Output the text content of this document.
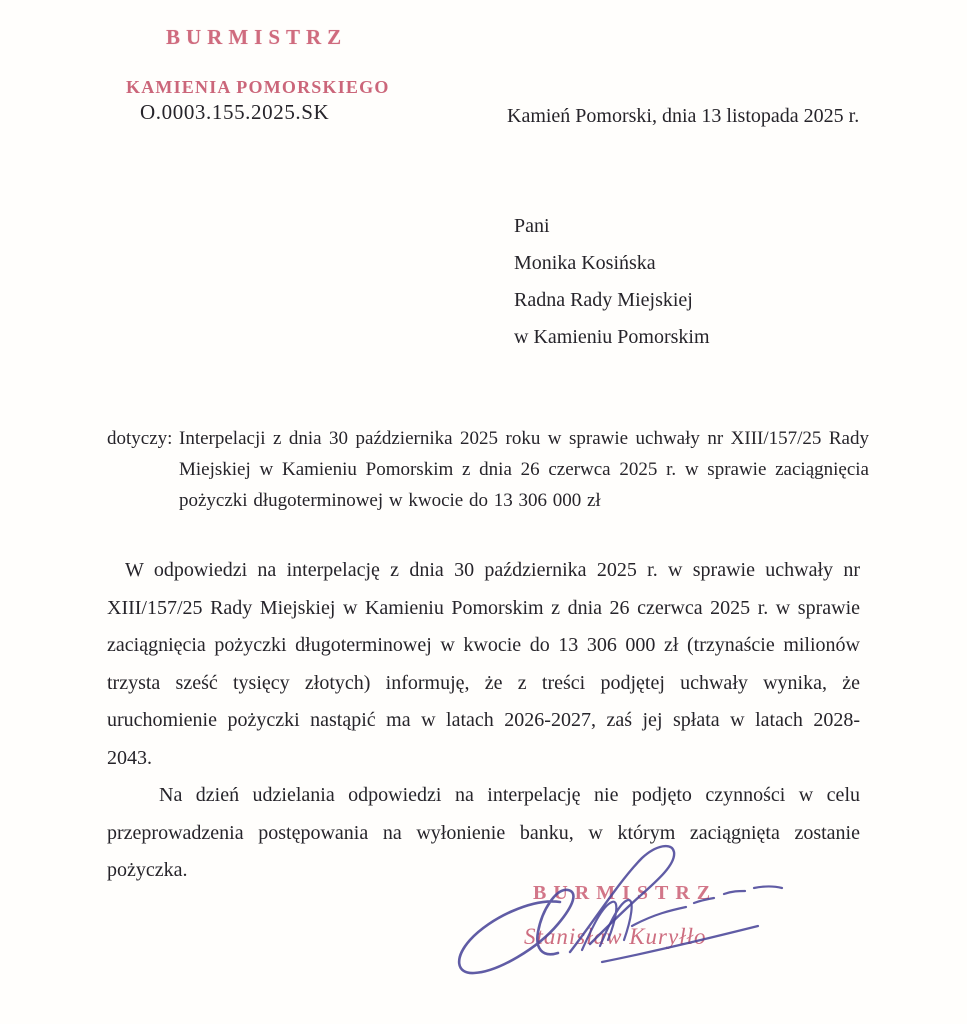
BURMISTRZ
KAMIENIA POMORSKIEGO
O.0003.155.2025.SK	Kamień Pomorski, dnia 13 listopada 2025 r.
Pani
Monika Kosińska
Radna Rady Miejskiej
w Kamieniu Pomorskim
dotyczy: Interpelacji z dnia 30 października 2025 roku w sprawie uchwały nr XIII/157/25 Rady Miejskiej w Kamieniu Pomorskim z dnia 26 czerwca 2025 r. w sprawie zaciągnięcia pożyczki długoterminowej w kwocie do 13 306 000 zł

W odpowiedzi na interpelację z dnia 30 października 2025 r. w sprawie uchwały nr XIII/157/25 Rady Miejskiej w Kamieniu Pomorskim z dnia 26 czerwca 2025 r. w sprawie zaciągnięcia pożyczki długoterminowej w kwocie do 13 306 000 zł (trzynaście milionów trzysta sześć tysięcy złotych) informuję, że z treści podjętej uchwały wynika, że uruchomienie pożyczki nastąpić ma w latach 2026-2027, zaś jej spłata w latach 2028-2043.

Na dzień udzielania odpowiedzi na interpelację nie podjęto czynności w celu przeprowadzenia postępowania na wyłonienie banku, w którym zaciągnięta zostanie pożyczka.

BURMISTRZ
Stanisław Kuryłło
